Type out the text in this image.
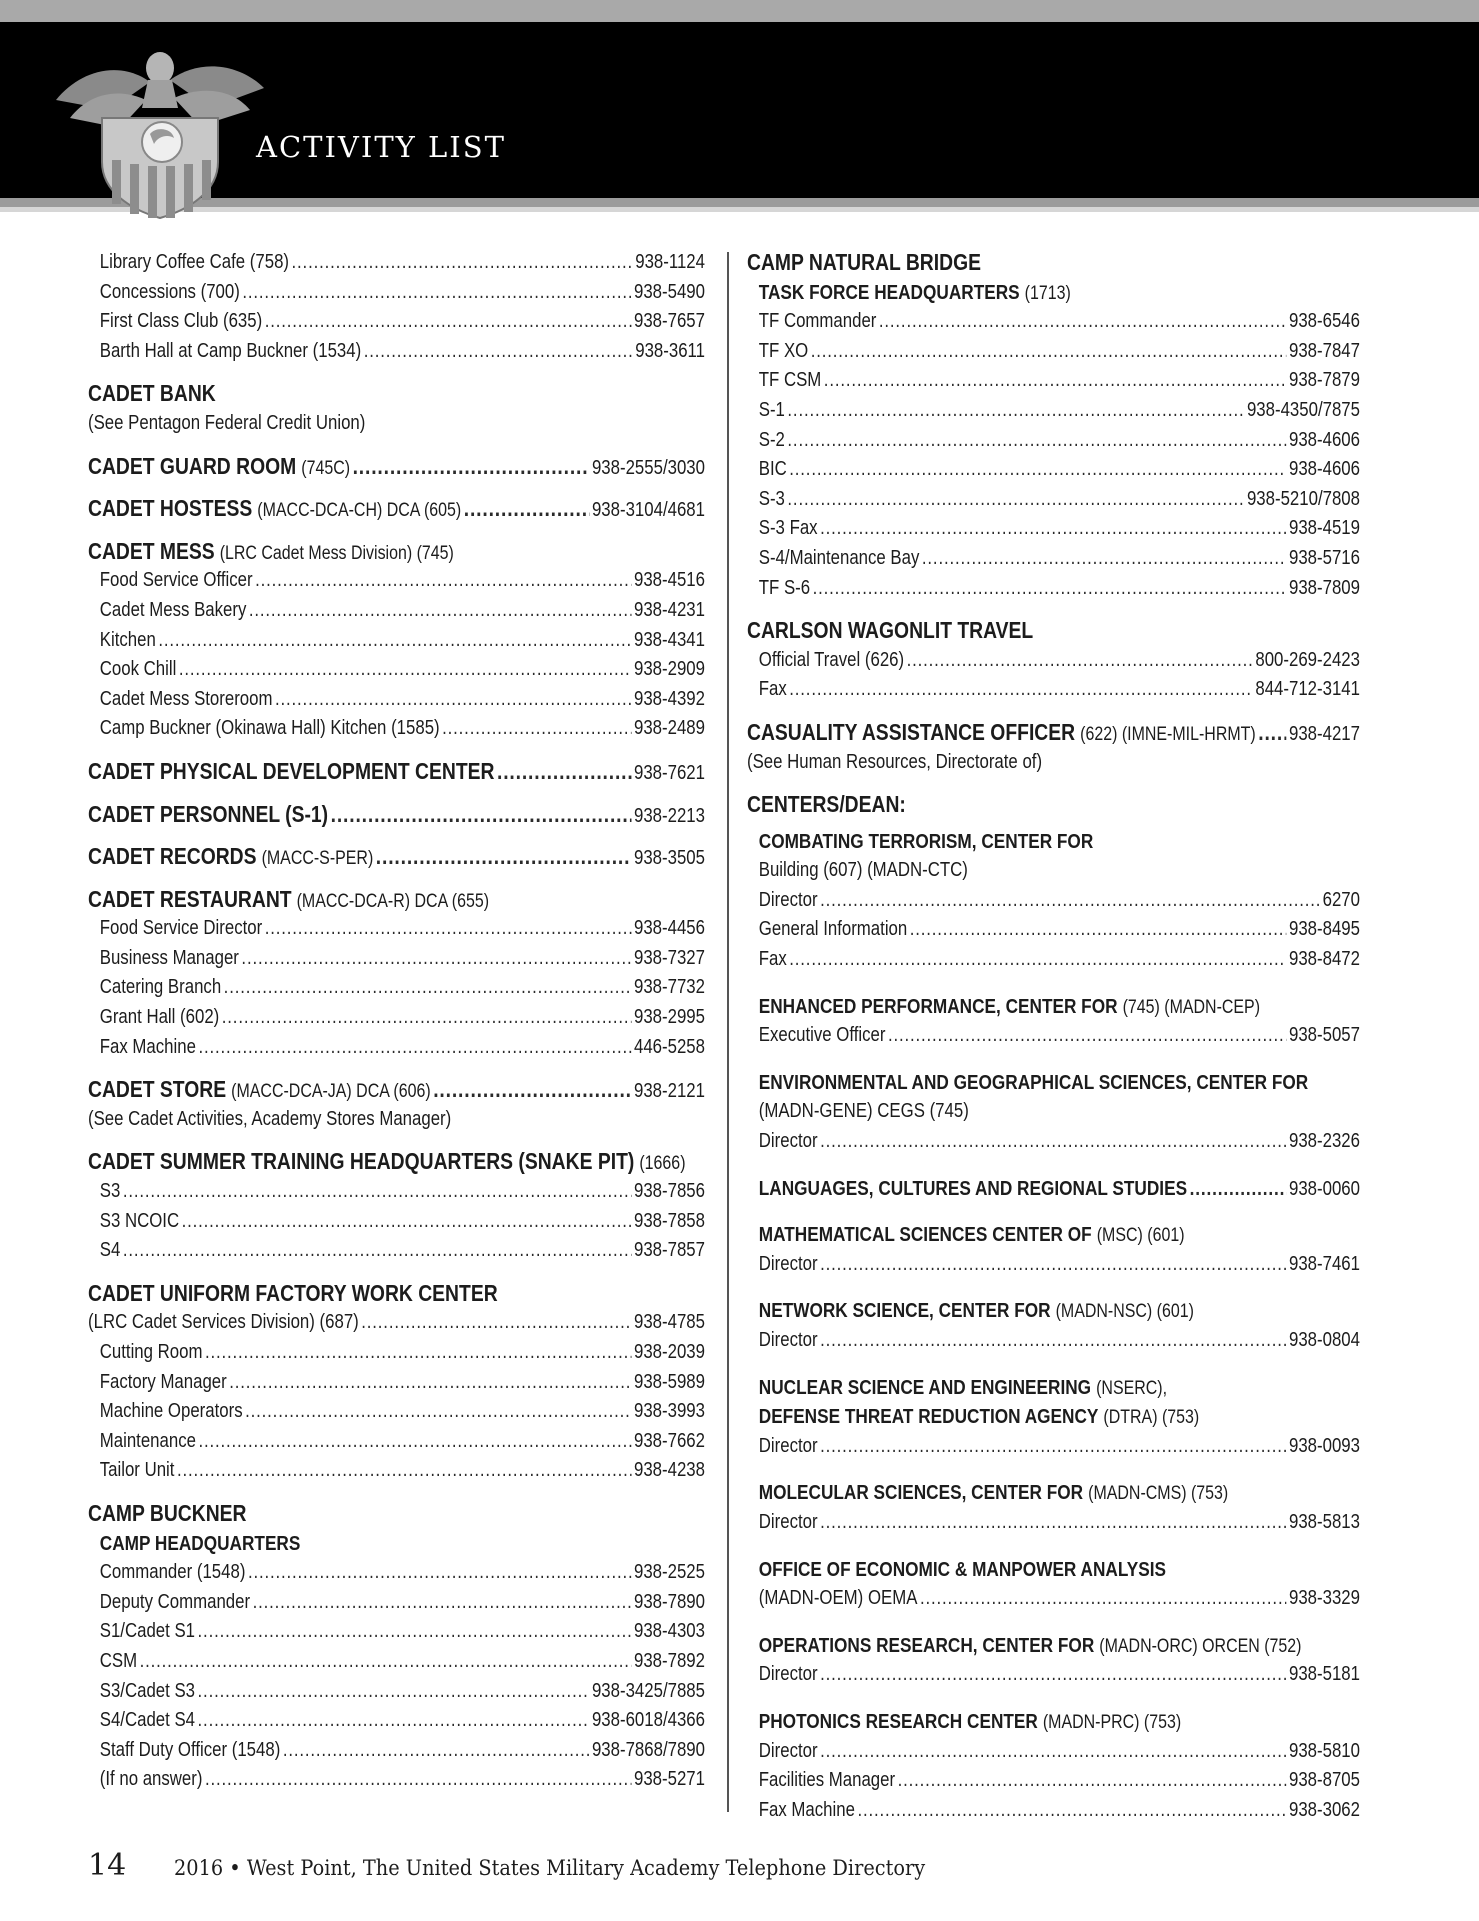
ACTIVITY LIST
Library Coffee Cafe (758) .....	938-1124
Concessions (700) .....	938-5490
First Class Club (635) .....	938-7657
Barth Hall at Camp Buckner (1534) .....	938-3611
CADET BANK
(See Pentagon Federal Credit Union)
CADET GUARD ROOM (745C) .....	938-2555/3030
CADET HOSTESS (MACC-DCA-CH) DCA (605) .....	938-3104/4681
CADET MESS (LRC Cadet Mess Division) (745)
Food Service Officer .....	938-4516
Cadet Mess Bakery .....	938-4231
Kitchen .....	938-4341
Cook Chill .....	938-2909
Cadet Mess Storeroom .....	938-4392
Camp Buckner (Okinawa Hall) Kitchen (1585) .....	938-2489
CADET PHYSICAL DEVELOPMENT CENTER .....	938-7621
CADET PERSONNEL (S-1) .....	938-2213
CADET RECORDS (MACC-S-PER) .....	938-3505
CADET RESTAURANT (MACC-DCA-R) DCA (655)
Food Service Director .....	938-4456
Business Manager .....	938-7327
Catering Branch .....	938-7732
Grant Hall (602) .....	938-2995
Fax Machine .....	446-5258
CADET STORE (MACC-DCA-JA) DCA (606) .....	938-2121
(See Cadet Activities, Academy Stores Manager)
CADET SUMMER TRAINING HEADQUARTERS (SNAKE PIT) (1666)
S3 .....	938-7856
S3 NCOIC .....	938-7858
S4 .....	938-7857
CADET UNIFORM FACTORY WORK CENTER
(LRC Cadet Services Division) (687) .....	938-4785
Cutting Room .....	938-2039
Factory Manager .....	938-5989
Machine Operators .....	938-3993
Maintenance .....	938-7662
Tailor Unit .....	938-4238
CAMP BUCKNER
CAMP HEADQUARTERS
Commander (1548) .....	938-2525
Deputy Commander .....	938-7890
S1/Cadet S1 .....	938-4303
CSM .....	938-7892
S3/Cadet S3 .....	938-3425/7885
S4/Cadet S4 .....	938-6018/4366
Staff Duty Officer (1548) .....	938-7868/7890
(If no answer) .....	938-5271
CAMP NATURAL BRIDGE
TASK FORCE HEADQUARTERS (1713)
TF Commander .....	938-6546
TF XO .....	938-7847
TF CSM .....	938-7879
S-1 .....	938-4350/7875
S-2 .....	938-4606
BIC .....	938-4606
S-3 .....	938-5210/7808
S-3 Fax .....	938-4519
S-4/Maintenance Bay .....	938-5716
TF S-6 .....	938-7809
CARLSON WAGONLIT TRAVEL
Official Travel (626) .....	800-269-2423
Fax .....	844-712-3141
CASUALITY ASSISTANCE OFFICER (622) (IMNE-MIL-HRMT) ..... 938-4217
(See Human Resources, Directorate of)
CENTERS/DEAN:
COMBATING TERRORISM, CENTER FOR
Building (607) (MADN-CTC)
Director .....	6270
General Information .....	938-8495
Fax .....	938-8472
ENHANCED PERFORMANCE, CENTER FOR (745) (MADN-CEP)
Executive Officer .....	938-5057
ENVIRONMENTAL AND GEOGRAPHICAL SCIENCES, CENTER FOR
(MADN-GENE) CEGS (745)
Director .....	938-2326
LANGUAGES, CULTURES AND REGIONAL STUDIES .....	938-0060
MATHEMATICAL SCIENCES CENTER OF (MSC) (601)
Director .....	938-7461
NETWORK SCIENCE, CENTER FOR (MADN-NSC) (601)
Director .....	938-0804
NUCLEAR SCIENCE AND ENGINEERING (NSERC),
DEFENSE THREAT REDUCTION AGENCY (DTRA) (753)
Director .....	938-0093
MOLECULAR SCIENCES, CENTER FOR (MADN-CMS) (753)
Director .....	938-5813
OFFICE OF ECONOMIC & MANPOWER ANALYSIS
(MADN-OEM) OEMA .....	938-3329
OPERATIONS RESEARCH, CENTER FOR (MADN-ORC) ORCEN (752)
Director .....	938-5181
PHOTONICS RESEARCH CENTER (MADN-PRC) (753)
Director .....	938-5810
Facilities Manager .....	938-8705
Fax Machine .....	938-3062
14 2016 • West Point, The United States Military Academy Telephone Directory
